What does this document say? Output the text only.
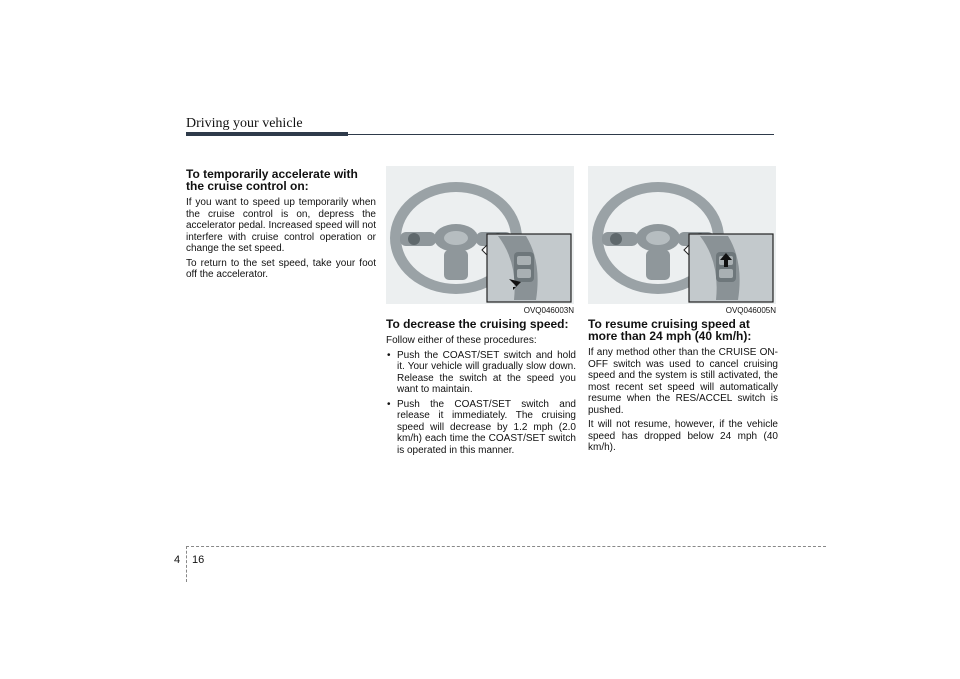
Driving your vehicle
To temporarily accelerate with the cruise control on:

If you want to speed up temporarily when the cruise control is on, depress the accelerator pedal. Increased speed will not interfere with cruise control operation or change the set speed.

To return to the set speed, take your foot off the accelerator.

OVQ046003N	OVQ046005N
To decrease the cruising speed:

Follow either of these procedures:

• Push the COAST/SET switch and hold it. Your vehicle will gradually slow down. Release the switch at the speed you want to maintain.
• Push the COAST/SET switch and release it immediately. The cruising speed will decrease by 1.2 mph (2.0 km/h) each time the COAST/SET switch is operated in this manner.
To resume cruising speed at more than 24 mph (40 km/h):

If any method other than the CRUISE ON-OFF switch was used to cancel cruising speed and the system is still activated, the most recent set speed will automatically resume when the RES/ACCEL switch is pushed.

It will not resume, however, if the vehicle speed has dropped below 24 mph (40 km/h).

4 16
